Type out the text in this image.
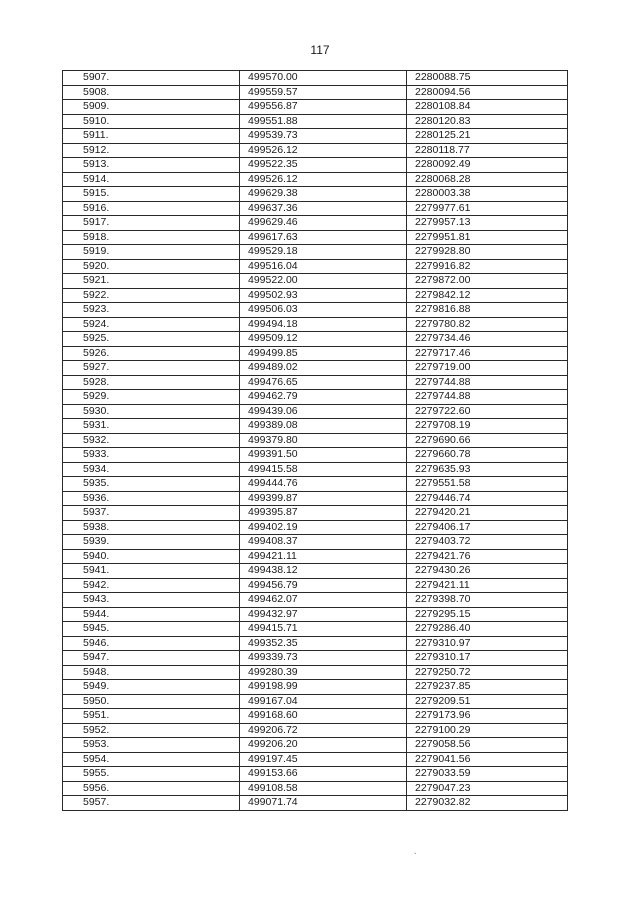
117
5907.	499570.00	2280088.75
5908.	499559.57	2280094.56
5909.	499556.87	2280108.84
5910.	499551.88	2280120.83
5911.	499539.73	2280125.21
5912.	499526.12	2280118.77
5913.	499522.35	2280092.49
5914.	499526.12	2280068.28
5915.	499629.38	2280003.38
5916.	499637.36	2279977.61
5917.	499629.46	2279957.13
5918.	499617.63	2279951.81
5919.	499529.18	2279928.80
5920.	499516.04	2279916.82
5921.	499522.00	2279872.00
5922.	499502.93	2279842.12
5923.	499506.03	2279816.88
5924.	499494.18	2279780.82
5925.	499509.12	2279734.46
5926.	499499.85	2279717.46
5927.	499489.02	2279719.00
5928.	499476.65	2279744.88
5929.	499462.79	2279744.88
5930.	499439.06	2279722.60
5931.	499389.08	2279708.19
5932.	499379.80	2279690.66
5933.	499391.50	2279660.78
5934.	499415.58	2279635.93
5935.	499444.76	2279551.58
5936.	499399.87	2279446.74
5937.	499395.87	2279420.21
5938.	499402.19	2279406.17
5939.	499408.37	2279403.72
5940.	499421.11	2279421.76
5941.	499438.12	2279430.26
5942.	499456.79	2279421.11
5943.	499462.07	2279398.70
5944.	499432.97	2279295.15
5945.	499415.71	2279286.40
5946.	499352.35	2279310.97
5947.	499339.73	2279310.17
5948.	499280.39	2279250.72
5949.	499198.99	2279237.85
5950.	499167.04	2279209.51
5951.	499168.60	2279173.96
5952.	499206.72	2279100.29
5953.	499206.20	2279058.56
5954.	499197.45	2279041.56
5955.	499153.66	2279033.59
5956.	499108.58	2279047.23
5957.	499071.74	2279032.82
`
